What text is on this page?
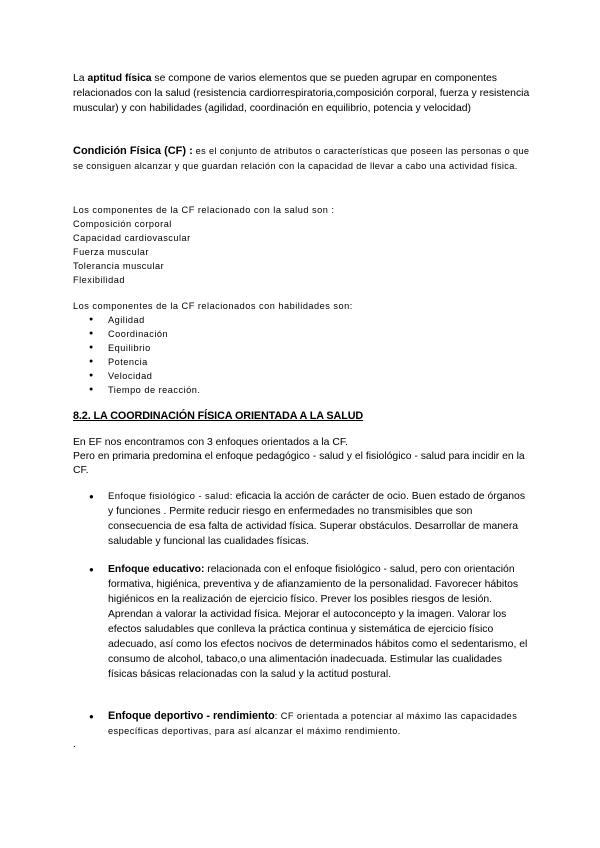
La aptitud física se compone de varios elementos que se pueden agrupar en componentes relacionados con la salud (resistencia cardiorrespiratoria,composición corporal, fuerza y resistencia muscular) y con habilidades (agilidad, coordinación en equilibrio, potencia y velocidad)

Condición Física (CF) : es el conjunto de atributos o características que poseen las personas o que se consiguen alcanzar y que guardan relación con la capacidad de llevar a cabo una actividad física.

Los componentes de la CF relacionado con la salud son :
Composición corporal
Capacidad cardiovascular
Fuerza muscular
Tolerancia muscular
Flexibilidad
Los componentes de la CF relacionados con habilidades son:
● Agilidad
● Coordinación
● Equilibrio
● Potencia
● Velocidad
● Tiempo de reacción.
8.2. LA COORDINACIÓN FÍSICA ORIENTADA A LA SALUD
En EF nos encontramos con 3 enfoques orientados a la CF.
Pero en primaria predomina el enfoque pedagógico - salud y el fisiológico - salud para incidir en la CF.
● Enfoque fisiológico - salud: eficacia la acción de carácter de ocio. Buen estado de órganos y funciones . Permite reducir riesgo en enfermedades no transmisibles que son consecuencia de esa falta de actividad física. Superar obstáculos. Desarrollar de manera saludable y funcional las cualidades físicas.
● Enfoque educativo: relacionada con el enfoque fisiológico - salud, pero con orientación formativa, higiénica, preventiva y de afianzamiento de la personalidad. Favorecer hábitos higiénicos en la realización de ejercicio físico. Prever los posibles riesgos de lesión. Aprendan a valorar la actividad física. Mejorar el autoconcepto y la imagen. Valorar los efectos saludables que conlleva la práctica continua y sistemática de ejercicio físico adecuado, así como los efectos nocivos de determinados hábitos como el sedentarismo, el consumo de alcohol, tabaco,o una alimentación inadecuada. Estimular las cualidades físicas básicas relacionadas con la salud y la actitud postural.
● Enfoque deportivo - rendimiento: CF orientada a potenciar al máximo las capacidades específicas deportivas, para así alcanzar el máximo rendimiento.
.
